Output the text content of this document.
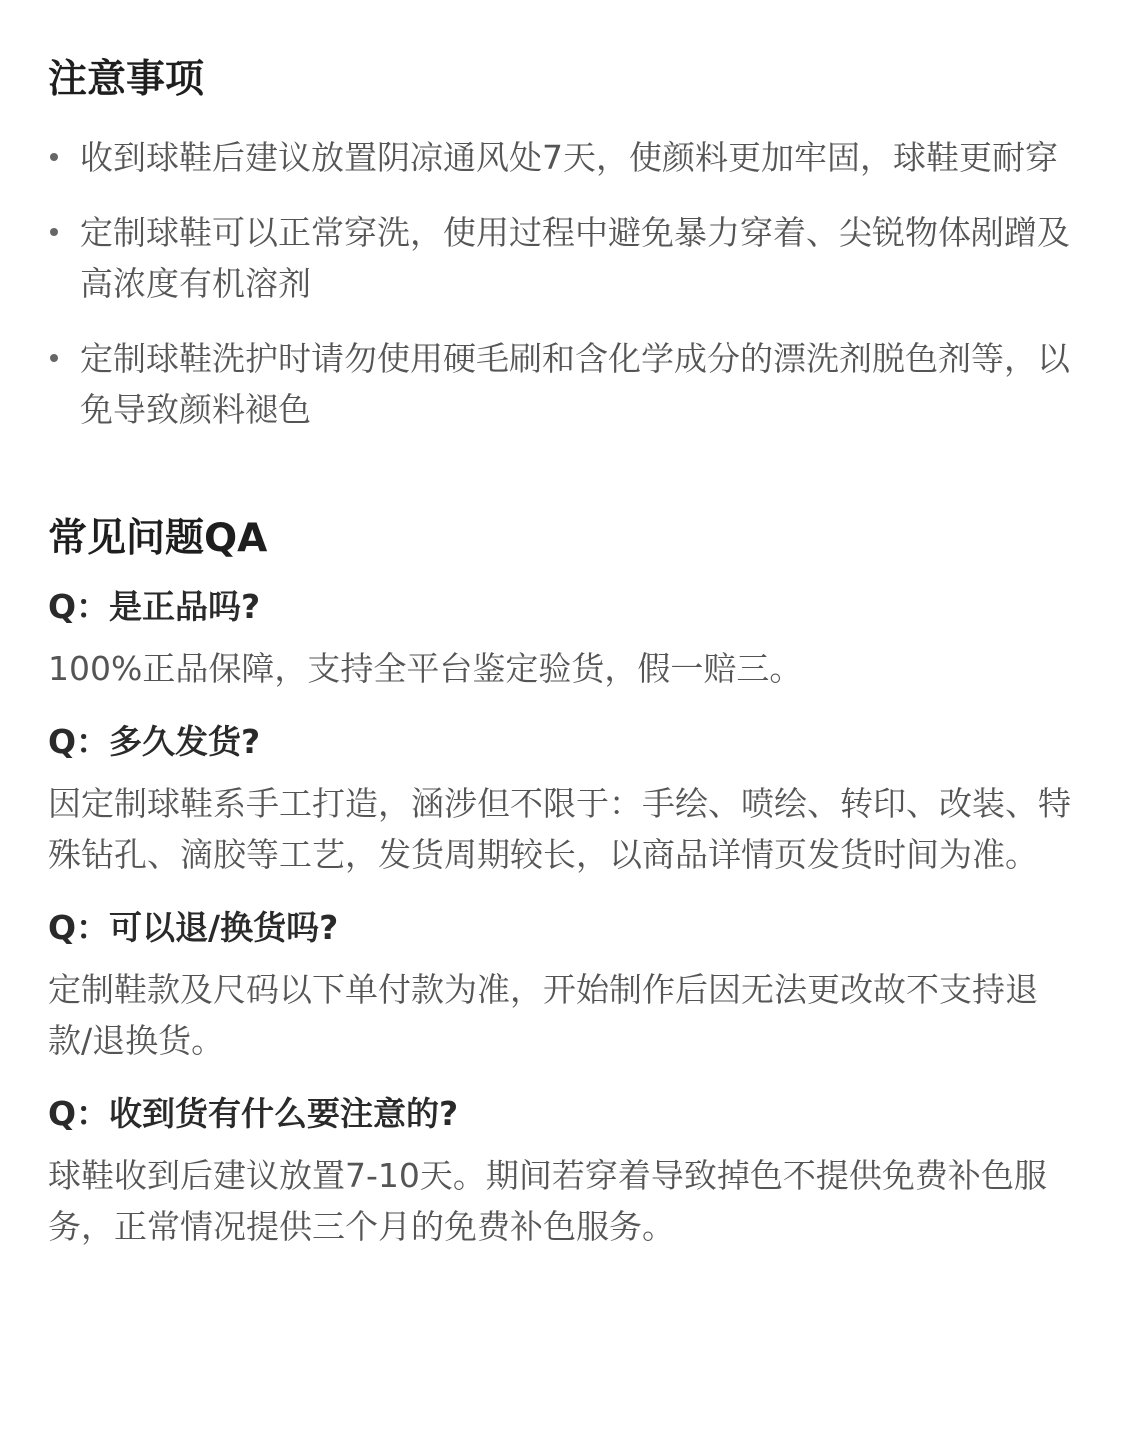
注意事项
收到球鞋后建议放置阴凉通风处7天，使颜料更加牢固，球鞋更耐穿
定制球鞋可以正常穿洗，使用过程中避免暴力穿着、尖锐物体剐蹭及高浓度有机溶剂
定制球鞋洗护时请勿使用硬毛刷和含化学成分的漂洗剂脱色剂等，以免导致颜料褪色
常见问题QA

Q：是正品吗?

100%正品保障，支持全平台鉴定验货，假一赔三。

Q：多久发货?

因定制球鞋系手工打造，涵涉但不限于：手绘、喷绘、转印、改装、特殊钻孔、滴胶等工艺，发货周期较长，以商品详情页发货时间为准。

Q：可以退/换货吗?

定制鞋款及尺码以下单付款为准，开始制作后因无法更改故不支持退款/退换货。

Q：收到货有什么要注意的?

球鞋收到后建议放置7-10天。期间若穿着导致掉色不提供免费补色服务，正常情况提供三个月的免费补色服务。
